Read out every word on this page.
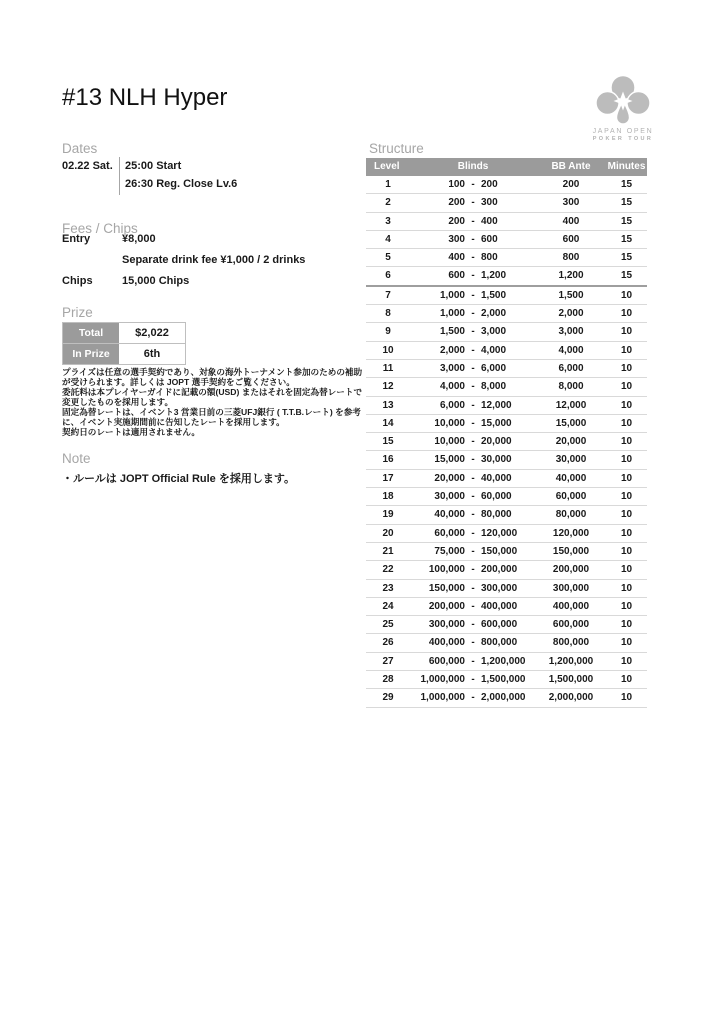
#13 NLH Hyper
JAPAN OPEN
POKER TOUR
Dates
02.22 Sat.	25:00 Start
26:30 Reg. Close Lv.6
Fees / Chips
Entry	¥8,000
Separate drink fee ¥1,000 / 2 drinks
Chips	15,000 Chips
Prize
Total	$2,022
In Prize	6th

プライズは任意の選手契約であり、対象の海外トーナメント参加のための補助が受けられます。詳しくは JOPT 選手契約をご覧ください。

委託料は本プレイヤーガイドに記載の額(USD) またはそれを固定為替レートで変更したものを採用します。

固定為替レートは、イベント3 営業日前の三菱UFJ銀行 ( T.T.B.レート) を参考に、イベント実施期間前に告知したレートを採用します。

契約日のレートは適用されません。

Note
・ルールは JOPT Official Rule を採用します。
Structure
Level	Blinds	BB Ante	Minutes
1	100 - 200	200	15
2	200 - 300	300	15
3	200 - 400	400	15
4	300 - 600	600	15
5	400 - 800	800	15
6	600 - 1,200	1,200	15
7	1,000 - 1,500	1,500	10
8	1,000 - 2,000	2,000	10
9	1,500 - 3,000	3,000	10
10	2,000 - 4,000	4,000	10
11	3,000 - 6,000	6,000	10
12	4,000 - 8,000	8,000	10
13	6,000 - 12,000	12,000	10
14	10,000 - 15,000	15,000	10
15	10,000 - 20,000	20,000	10
16	15,000 - 30,000	30,000	10
17	20,000 - 40,000	40,000	10
18	30,000 - 60,000	60,000	10
19	40,000 - 80,000	80,000	10
20	60,000 - 120,000	120,000	10
21	75,000 - 150,000	150,000	10
22	100,000 - 200,000	200,000	10
23	150,000 - 300,000	300,000	10
24	200,000 - 400,000	400,000	10
25	300,000 - 600,000	600,000	10
26	400,000 - 800,000	800,000	10
27	600,000 - 1,200,000	1,200,000	10
28	1,000,000 - 1,500,000	1,500,000	10
29	1,000,000 - 2,000,000	2,000,000	10
